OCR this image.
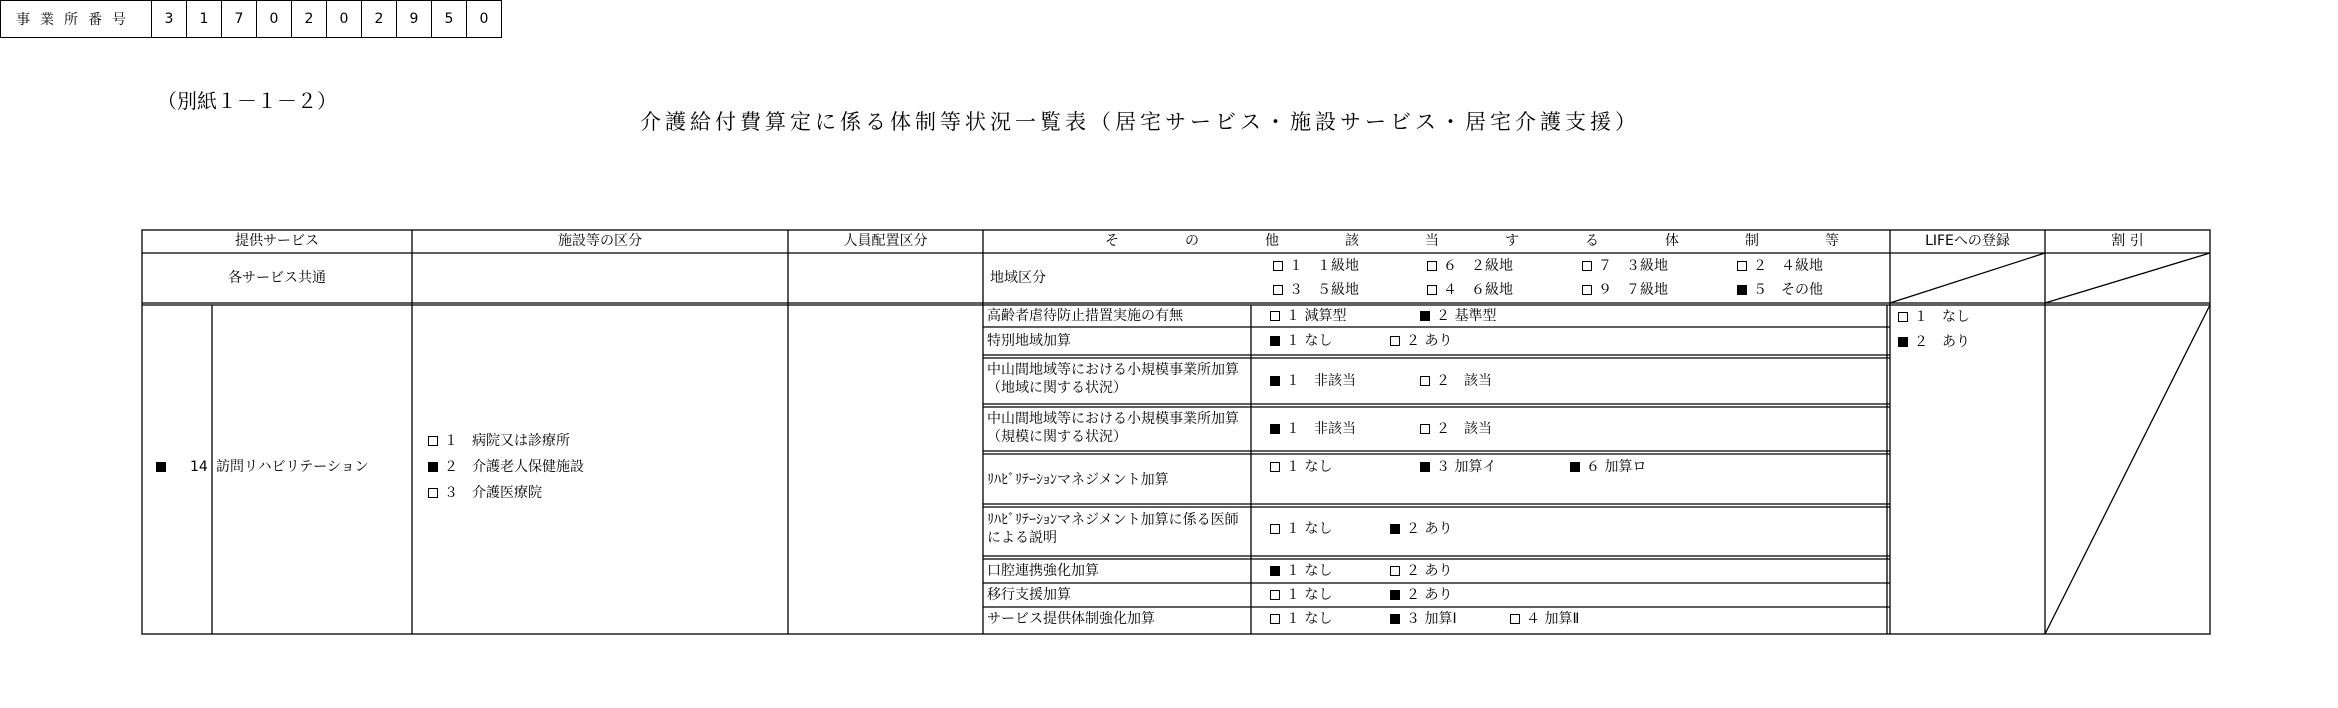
（別紙１－１－２）
介護給付費算定に係る体制等状況一覧表（居宅サービス・施設サービス・居宅介護支援）
事業所番号	3	1	7	0	2	0	2	9	5	0
提供サービス	施設等の区分	人員配置区分	そ	の	他	該	当	す	る	体	制	等	LIFEへの登録	割 引
各サービス共通	地域区分
１　１級地	６　２級地	７　３級地	２　４級地
３　５級地	４　６級地	９　７級地	５　その他
14 訪問リハビリテーション
１　病院又は診療所
２　介護老人保健施設
３　介護医療院
１　なし
２　あり
高齢者虐待防止措置実施の有無	１ 減算型	２ 基準型
特別地域加算	１ なし	２ あり
中山間地域等における小規模事業所加算（地域に関する状況）	１　非該当	２　該当
中山間地域等における小規模事業所加算（規模に関する状況）	１　非該当	２　該当
ﾘﾊﾋﾞﾘﾃｰｼｮﾝマネジメント加算
１ なし	３ 加算イ	６ 加算ロ
ﾘﾊﾋﾞﾘﾃｰｼｮﾝマネジメント加算に係る医師による説明
１ なし	２ あり
口腔連携強化加算	１ なし	２ あり
移行支援加算	１ なし	２ あり
サービス提供体制強化加算	１ なし	３ 加算Ⅰ	４ 加算Ⅱ
